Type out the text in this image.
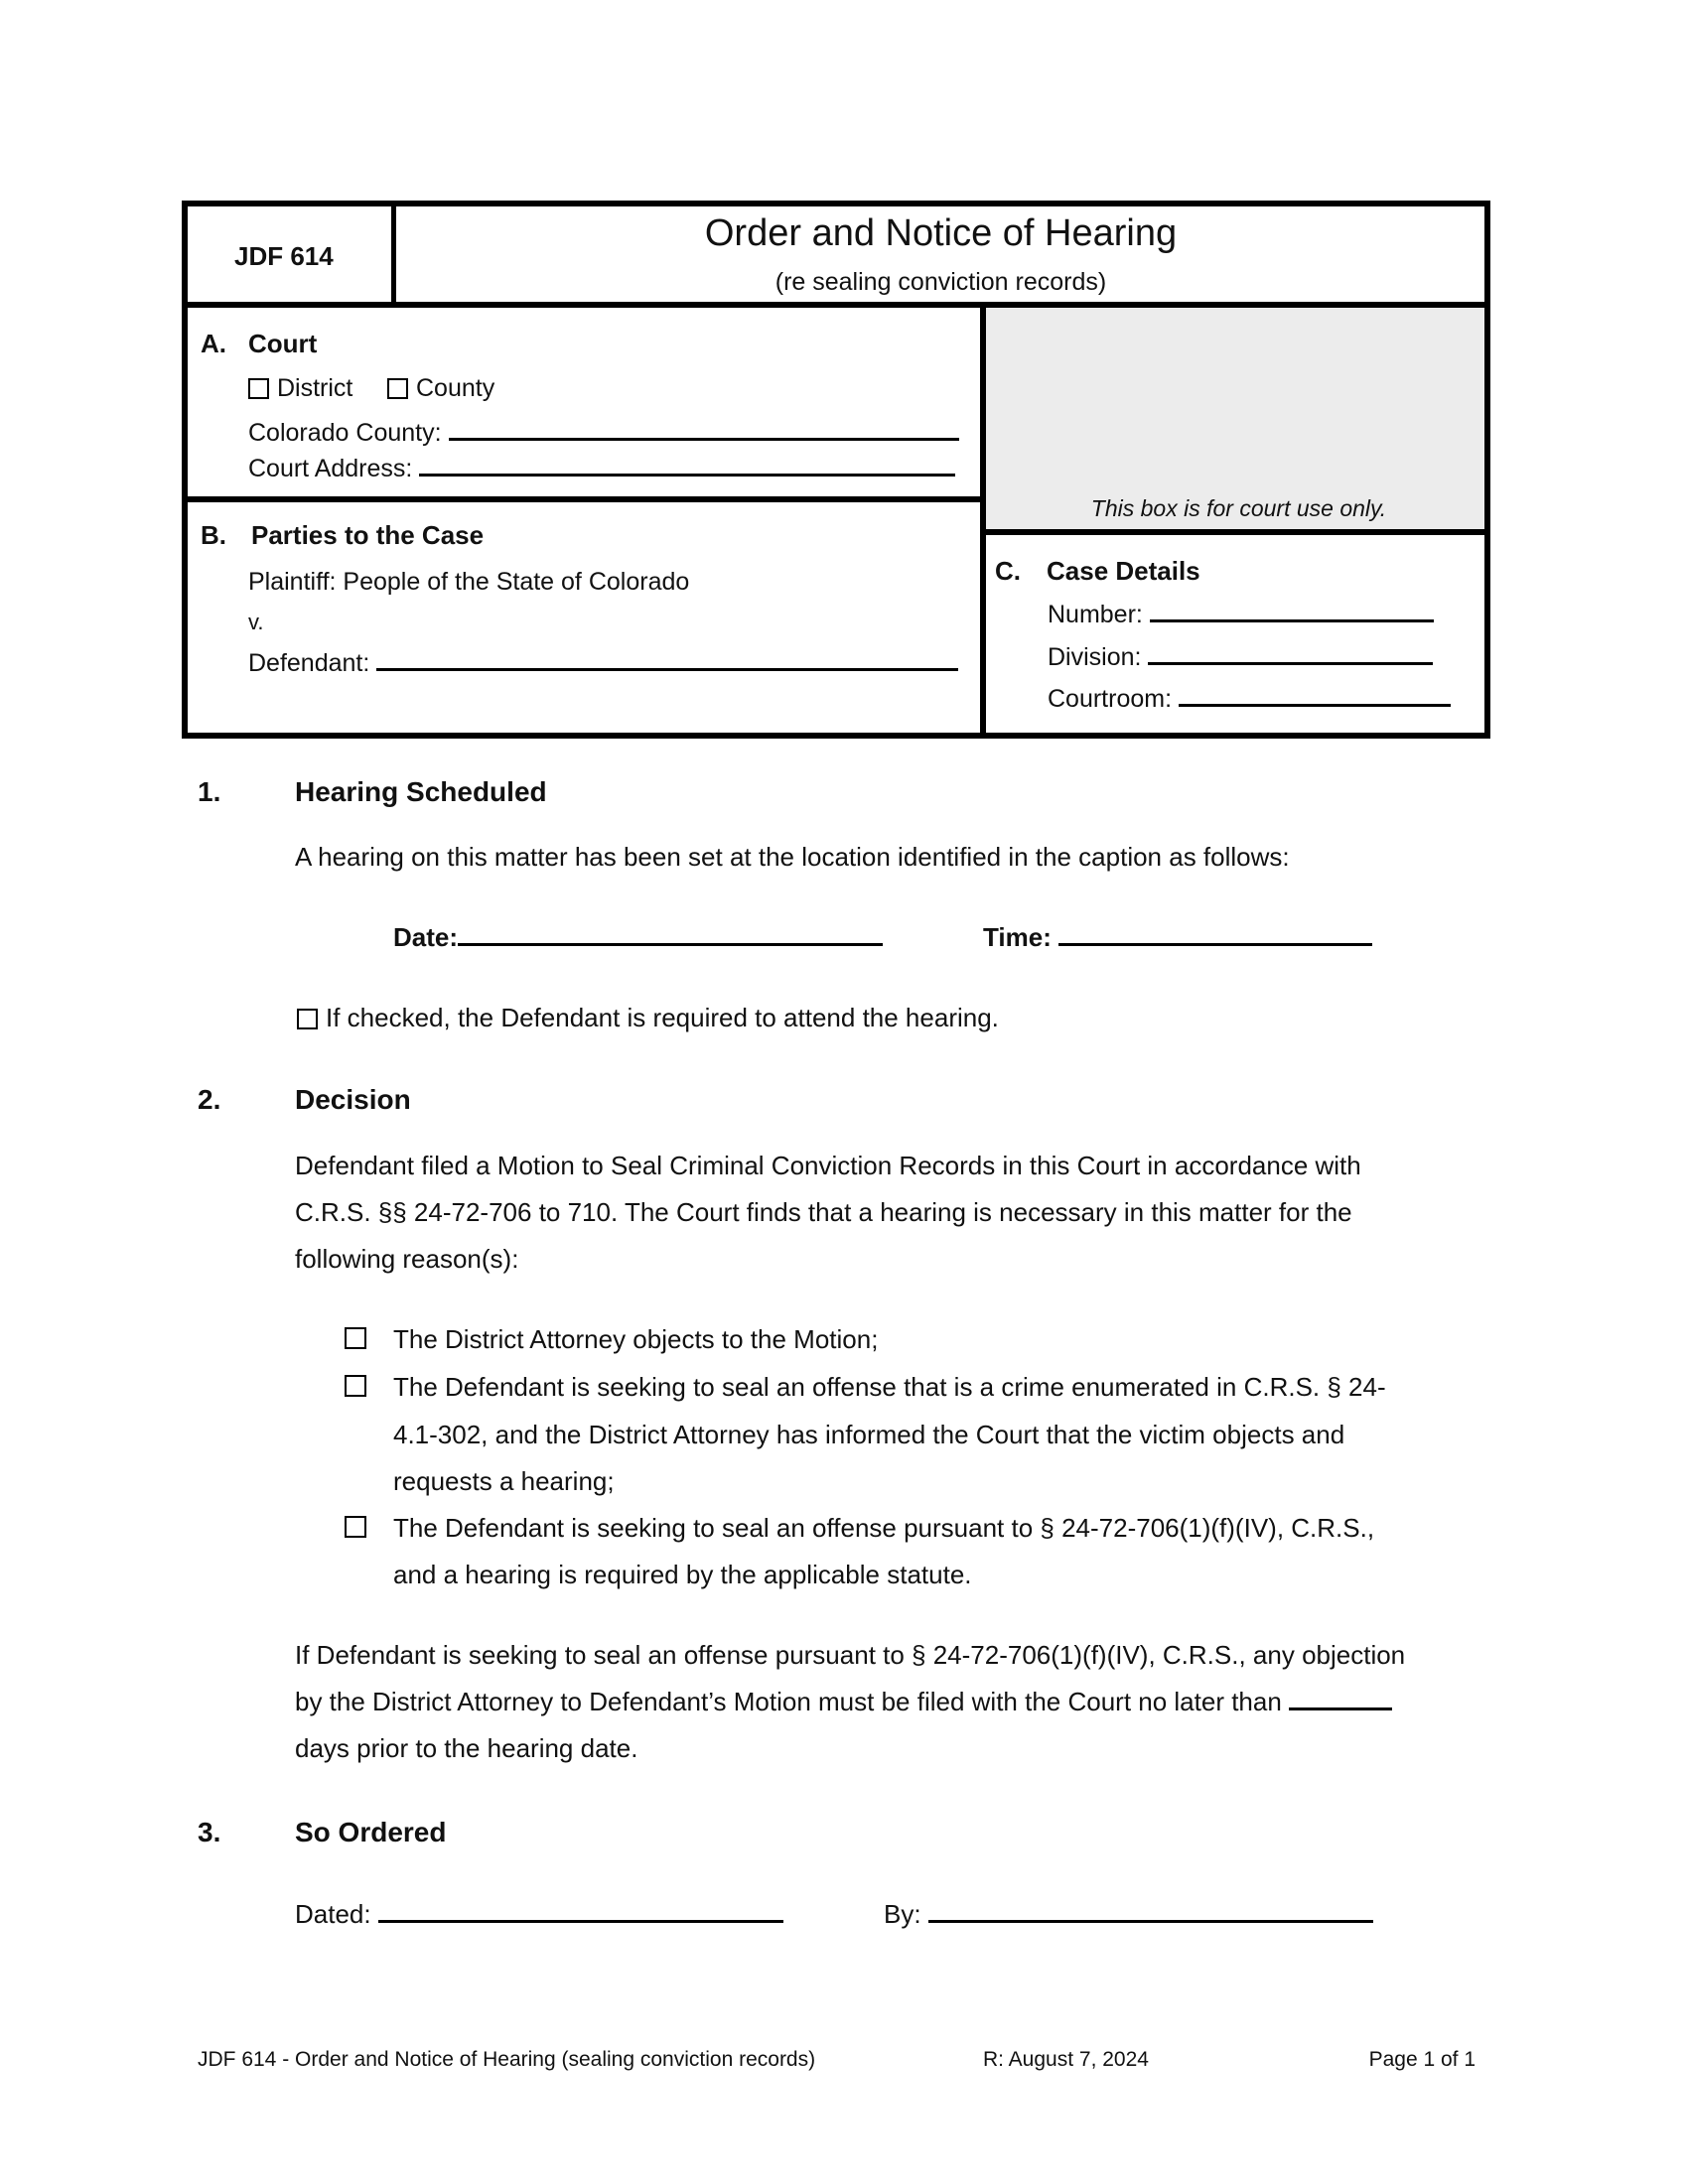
JDF 614
Order and Notice of Hearing
(re sealing conviction records)
A. Court
District	County
Colorado County:
Court Address:
This box is for court use only.
B. Parties to the Case
Plaintiff: People of the State of Colorado
v.
Defendant:
C. Case Details
Number:
Division:
Courtroom:
1.	Hearing Scheduled
A hearing on this matter has been set at the location identified in the caption as follows:
Date:	Time:
If checked, the Defendant is required to attend the hearing.
2.	Decision
Defendant filed a Motion to Seal Criminal Conviction Records in this Court in accordance with
C.R.S. §§ 24-72-706 to 710. The Court finds that a hearing is necessary in this matter for the
following reason(s):
The District Attorney objects to the Motion;
The Defendant is seeking to seal an offense that is a crime enumerated in C.R.S. § 24-
4.1-302, and the District Attorney has informed the Court that the victim objects and
requests a hearing;
The Defendant is seeking to seal an offense pursuant to § 24-72-706(1)(f)(IV), C.R.S.,
and a hearing is required by the applicable statute.
If Defendant is seeking to seal an offense pursuant to § 24-72-706(1)(f)(IV), C.R.S., any objection
by the District Attorney to Defendant’s Motion must be filed with the Court no later than
days prior to the hearing date.
3.	So Ordered
Dated:	By:
JDF 614 - Order and Notice of Hearing (sealing conviction records)	R: August 7, 2024	Page 1 of 1
